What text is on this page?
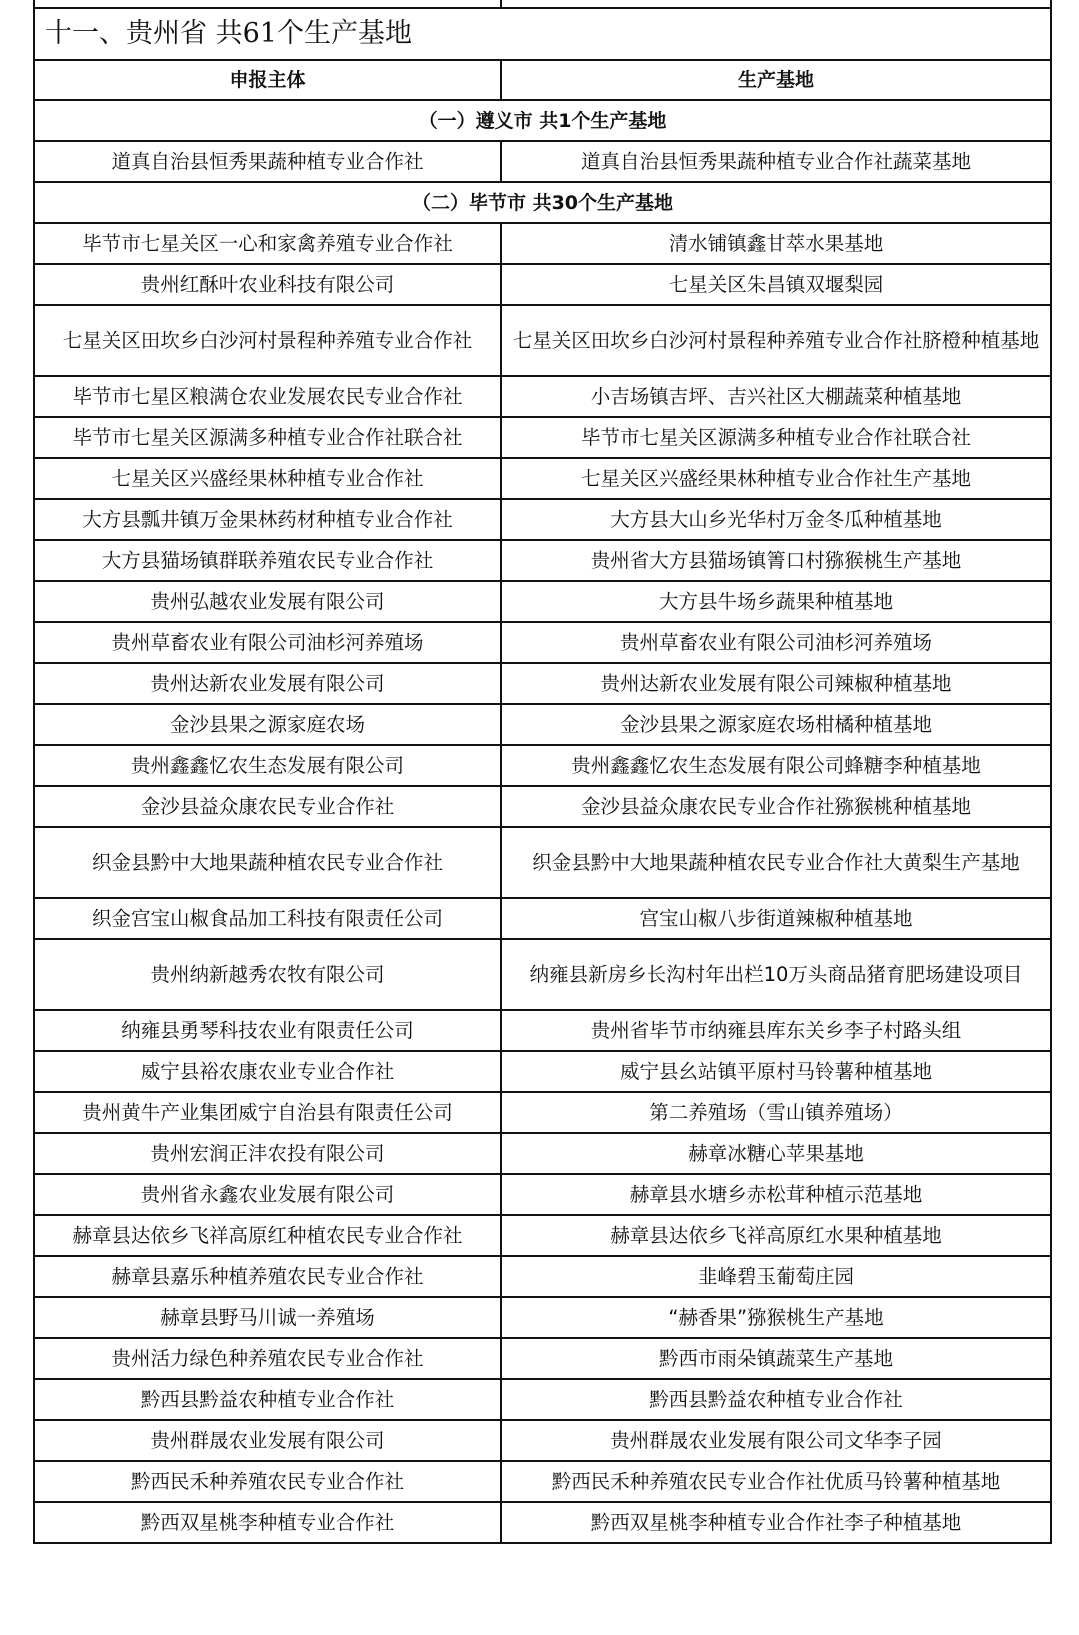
十一、贵州省 共61个生产基地
申报主体	生产基地
（一）遵义市 共1个生产基地
道真自治县恒秀果蔬种植专业合作社	道真自治县恒秀果蔬种植专业合作社蔬菜基地
（二）毕节市 共30个生产基地
毕节市七星关区一心和家禽养殖专业合作社	清水铺镇鑫甘萃水果基地
贵州红酥叶农业科技有限公司	七星关区朱昌镇双堰梨园
七星关区田坎乡白沙河村景程种养殖专业合作社	七星关区田坎乡白沙河村景程种养殖专业合作社脐橙种植基地
毕节市七星区粮满仓农业发展农民专业合作社	小吉场镇吉坪、吉兴社区大棚蔬菜种植基地
毕节市七星关区源满多种植专业合作社联合社	毕节市七星关区源满多种植专业合作社联合社
七星关区兴盛经果林种植专业合作社	七星关区兴盛经果林种植专业合作社生产基地
大方县瓢井镇万金果林药材种植专业合作社	大方县大山乡光华村万金冬瓜种植基地
大方县猫场镇群联养殖农民专业合作社	贵州省大方县猫场镇箐口村猕猴桃生产基地
贵州弘越农业发展有限公司	大方县牛场乡蔬果种植基地
贵州草畜农业有限公司油杉河养殖场	贵州草畜农业有限公司油杉河养殖场
贵州达新农业发展有限公司	贵州达新农业发展有限公司辣椒种植基地
金沙县果之源家庭农场	金沙县果之源家庭农场柑橘种植基地
贵州鑫鑫忆农生态发展有限公司	贵州鑫鑫忆农生态发展有限公司蜂糖李种植基地
金沙县益众康农民专业合作社	金沙县益众康农民专业合作社猕猴桃种植基地
织金县黔中大地果蔬种植农民专业合作社	织金县黔中大地果蔬种植农民专业合作社大黄梨生产基地
织金宫宝山椒食品加工科技有限责任公司	宫宝山椒八步街道辣椒种植基地
贵州纳新越秀农牧有限公司	纳雍县新房乡长沟村年出栏10万头商品猪育肥场建设项目
纳雍县勇琴科技农业有限责任公司	贵州省毕节市纳雍县库东关乡李子村路头组
威宁县裕农康农业专业合作社	威宁县幺站镇平原村马铃薯种植基地
贵州黄牛产业集团威宁自治县有限责任公司	第二养殖场（雪山镇养殖场）
贵州宏润正沣农投有限公司	赫章冰糖心苹果基地
贵州省永鑫农业发展有限公司	赫章县水塘乡赤松茸种植示范基地
赫章县达依乡飞祥高原红种植农民专业合作社	赫章县达依乡飞祥高原红水果种植基地
赫章县嘉乐种植养殖农民专业合作社	韭峰碧玉葡萄庄园
赫章县野马川诚一养殖场	“赫香果”猕猴桃生产基地
贵州活力绿色种养殖农民专业合作社	黔西市雨朵镇蔬菜生产基地
黔西县黔益农种植专业合作社	黔西县黔益农种植专业合作社
贵州群晟农业发展有限公司	贵州群晟农业发展有限公司文华李子园
黔西民禾种养殖农民专业合作社	黔西民禾种养殖农民专业合作社优质马铃薯种植基地
黔西双星桃李种植专业合作社	黔西双星桃李种植专业合作社李子种植基地
